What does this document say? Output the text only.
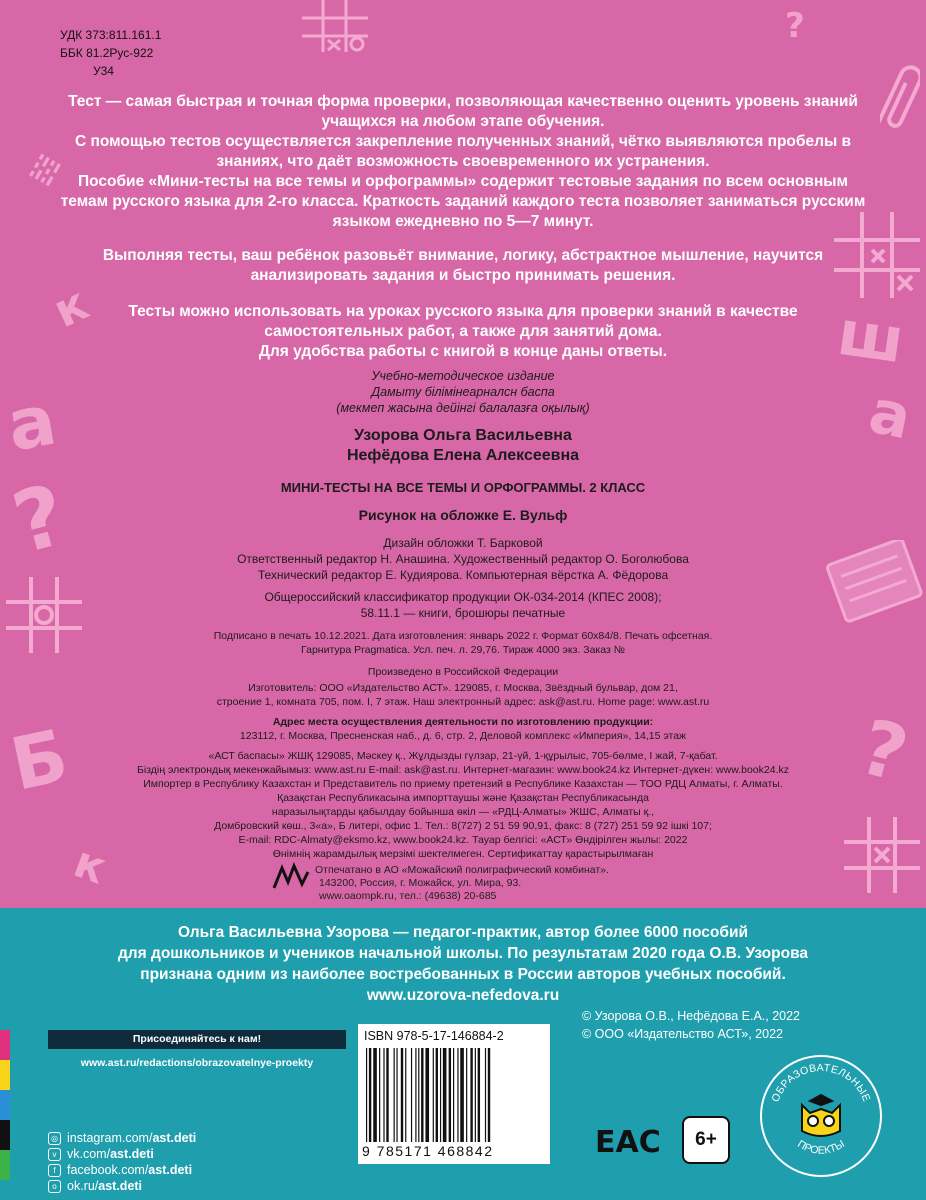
a
к	ш
а
Б
к
?
?
?
𝍌
УДК 373:811.161.1
ББК 81.2Рус-922
У34

Тест — самая быстрая и точная форма проверки, позволяющая качественно оценить уровень знаний учащихся на любом этапе обучения.

С помощью тестов осуществляется закрепление полученных знаний, чётко выявляются пробелы в знаниях, что даёт возможность своевременного их устранения.

Пособие «Мини-тесты на все темы и орфограммы» содержит тестовые задания по всем основным темам русского языка для 2-го класса. Краткость заданий каждого теста позволяет заниматься русским языком ежедневно по 5—7 минут.

Выполняя тесты, ваш ребёнок разовьёт внимание, логику, абстрактное мышление, научится анализировать задания и быстро принимать решения.

Тесты можно использовать на уроках русского языка для проверки знаний в качестве самостоятельных работ, а также для занятий дома.

Для удобства работы с книгой в конце даны ответы.

Учебно-методическое издание
Дамыту білімінеарналсн баспа
(мекмеп жасына дейінгі балалазға оқылық)
Узорова Ольга Васильевна
Нефёдова Елена Алексеевна
МИНИ-ТЕСТЫ НА ВСЕ ТЕМЫ И ОРФОГРАММЫ. 2 КЛАСС
Рисунок на обложке Е. Вульф
Дизайн обложки Т. Барковой
Ответственный редактор Н. Анашина. Художественный редактор О. Боголюбова
Технический редактор Е. Кудиярова. Компьютерная вёрстка А. Фёдорова
Общероссийский классификатор продукции ОК-034-2014 (КПЕС 2008);
58.11.1 — книги, брошюры печатные
Подписано в печать 10.12.2021. Дата изготовления: январь 2022 г. Формат 60x84/8. Печать офсетная.
Гарнитура Pragmatica. Усл. печ. л. 29,76. Тираж 4000 экз. Заказ №
Произведено в Российской Федерации
Изготовитель: ООО «Издательство АСТ». 129085, г. Москва, Звёздный бульвар, дом 21,
строение 1, комната 705, пом. I, 7 этаж. Наш электронный адрес: ask@ast.ru. Home page: www.ast.ru
Адрес места осуществления деятельности по изготовлению продукции:
123112, г. Москва, Пресненская наб., д. 6, стр. 2, Деловой комплекс «Империя», 14,15 этаж
«АСТ баспасы» ЖШҚ 129085, Мәскеу қ., Жұлдызды гүлзар, 21-үй, 1-құрылыс, 705-бөлме, I жай, 7-қабат.
Біздің электрондық мекенжайымыз: www.ast.ru E-mail: ask@ast.ru. Интернет-магазин: www.book24.kz Интернет-дүкен: www.book24.kz
Импортер в Республику Казахстан и Представитель по приему претензий в Республике Казахстан — ТОО РДЦ Алматы, г. Алматы.
Қазақстан Республикасына импорттаушы және Қазақстан Республикасында
наразылықтарды қабылдау бойынша өкіл — «РДЦ-Алматы» ЖШС, Алматы қ.,
Домбровский көш., 3«а», Б литері, офис 1. Тел.: 8(727) 2 51 59 90,91, факс: 8 (727) 251 59 92 ішкі 107;
E-mail: RDC-Almaty@eksmo.kz, www.book24.kz. Тауар белгісі: «АСТ» Өндірілген жылы: 2022
Өнімнің жарамдылық мерзімі шектелмеген. Сертификаттау қарастырылмаған
Отпечатано в АО «Можайский полиграфический комбинат».
143200, Россия, г. Можайск, ул. Мира, 93.
www.oaompk.ru, тел.: (49638) 20-685
Ольга Васильевна Узорова — педагог-практик, автор более 6000 пособий
для дошкольников и учеников начальной школы. По результатам 2020 года О.В. Узорова
признана одним из наиболее востребованных в России авторов учебных пособий.
www.uzorova-nefedova.ru
© Узорова О.В., Нефёдова Е.А., 2022
© ООО «Издательство АСТ», 2022
Присоединяйтесь к нам!
www.ast.ru/redactions/obrazovatelnye-proekty
◎ instagram.com/ ast.deti
v vk.com/ ast.deti
f facebook.com/ ast.deti
o ok.ru/ ast.deti
ISBN 978-5-17-146884-2
9 785171 468842	EAC	6+
ОБРАЗОВАТЕЛЬНЫЕ
ПРОЕКТЫ
